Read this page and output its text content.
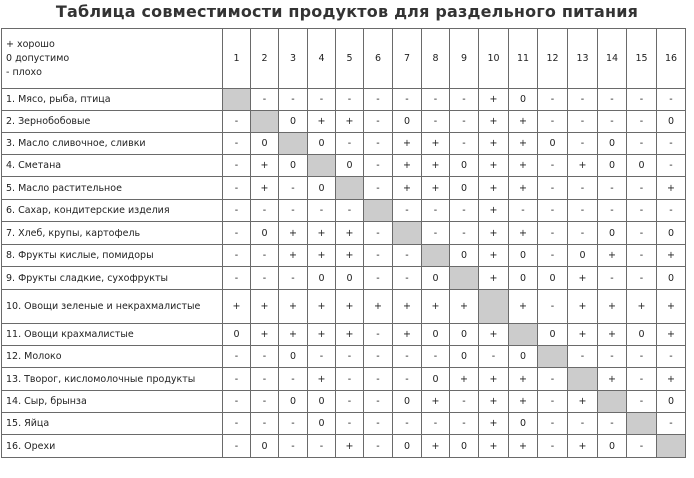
Таблица совместимости продуктов для раздельного питания
+ хорошо
0 допустимо
- плохо	1	2	3	4	5	6	7	8	9	10	11	12	13	14	15	16
1. Мясо, рыба, птица		-	-	-	-	-	-	-	-	+	0	-	-	-	-	-
2. Зернобобовые	-		0	+	+	-	0	-	-	+	+	-	-	-	-	0
3. Масло сливочное, сливки	-	0		0	-	-	+	+	-	+	+	0	-	0	-	-
4. Сметана	-	+	0		0	-	+	+	0	+	+	-	+	0	0	-
5. Масло растительное	-	+	-	0		-	+	+	0	+	+	-	-	-	-	+
6. Сахар, кондитерские изделия	-	-	-	-	-		-	-	-	+	-	-	-	-	-	-
7. Хлеб, крупы, картофель	-	0	+	+	+	-		-	-	+	+	-	-	0	-	0
8. Фрукты кислые, помидоры	-	-	+	+	+	-	-		0	+	0	-	0	+	-	+
9. Фрукты сладкие, сухофрукты	-	-	-	0	0	-	-	0		+	0	0	+	-	-	0
10. Овощи зеленые и некрахмалистые	+	+	+	+	+	+	+	+	+		+	-	+	+	+	+
11. Овощи крахмалистые	0	+	+	+	+	-	+	0	0	+		0	+	+	0	+
12. Молоко	-	-	0	-	-	-	-	-	0	-	0		-	-	-	-
13. Творог, кисломолочные продукты	-	-	-	+	-	-	-	0	+	+	+	-		+	-	+
14. Сыр, брынза	-	-	0	0	-	-	0	+	-	+	+	-	+		-	0
15. Яйца	-	-	-	0	-	-	-	-	-	+	0	-	-	-		-
16. Орехи	-	0	-	-	+	-	0	+	0	+	+	-	+	0	-	
